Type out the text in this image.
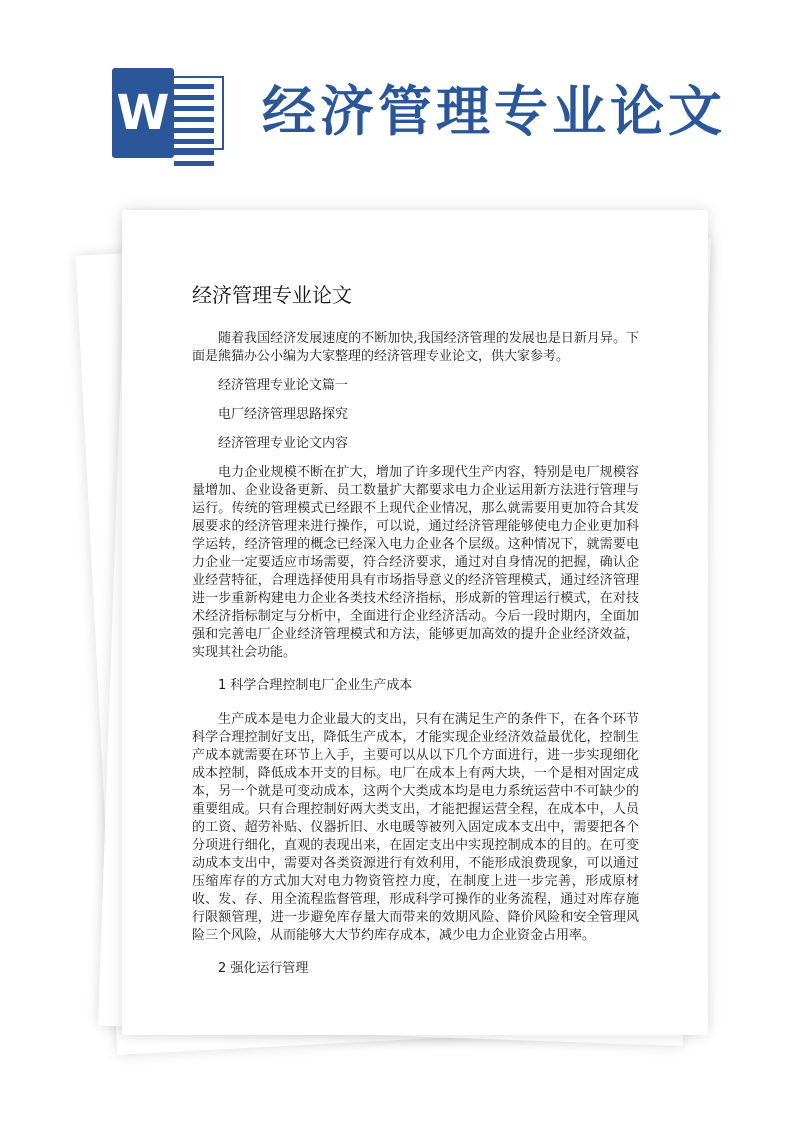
W 经济管理专业论文
经济管理专业论文

随着我国经济发展速度的不断加快,我国经济管理的发展也是日新月异。下面是熊猫办公小编为大家整理的经济管理专业论文，供大家参考。

经济管理专业论文篇一

电厂经济管理思路探究

经济管理专业论文内容

电力企业规模不断在扩大，增加了许多现代生产内容，特别是电厂规模容量增加、企业设备更新、员工数量扩大都要求电力企业运用新方法进行管理与运行。传统的管理模式已经跟不上现代企业情况，那么就需要用更加符合其发展要求的经济管理来进行操作，可以说，通过经济管理能够使电力企业更加科学运转，经济管理的概念已经深入电力企业各个层级。这种情况下，就需要电力企业一定要适应市场需要，符合经济要求，通过对自身情况的把握，确认企业经营特征，合理选择使用具有市场指导意义的经济管理模式，通过经济管理进一步重新构建电力企业各类技术经济指标，形成新的管理运行模式，在对技术经济指标制定与分析中，全面进行企业经济活动。今后一段时期内，全面加强和完善电厂企业经济管理模式和方法，能够更加高效的提升企业经济效益，实现其社会功能。

1 科学合理控制电厂企业生产成本

生产成本是电力企业最大的支出，只有在满足生产的条件下，在各个环节科学合理控制好支出，降低生产成本，才能实现企业经济效益最优化，控制生产成本就需要在环节上入手，主要可以从以下几个方面进行，进一步实现细化成本控制，降低成本开支的目标。电厂在成本上有两大块，一个是相对固定成本，另一个就是可变动成本，这两个大类成本均是电力系统运营中不可缺少的重要组成。只有合理控制好两大类支出，才能把握运营全程，在成本中，人员的工资、超劳补贴、仪器折旧、水电暖等被列入固定成本支出中，需要把各个分项进行细化，直观的表现出来，在固定支出中实现控制成本的目的。在可变动成本支出中，需要对各类资源进行有效利用，不能形成浪费现象，可以通过压缩库存的方式加大对电力物资管控力度，在制度上进一步完善，形成原材收、发、存、用全流程监督管理，形成科学可操作的业务流程，通过对库存施行限额管理，进一步避免库存量大而带来的效期风险、降价风险和安全管理风险三个风险，从而能够大大节约库存成本，减少电力企业资金占用率。

2 强化运行管理
